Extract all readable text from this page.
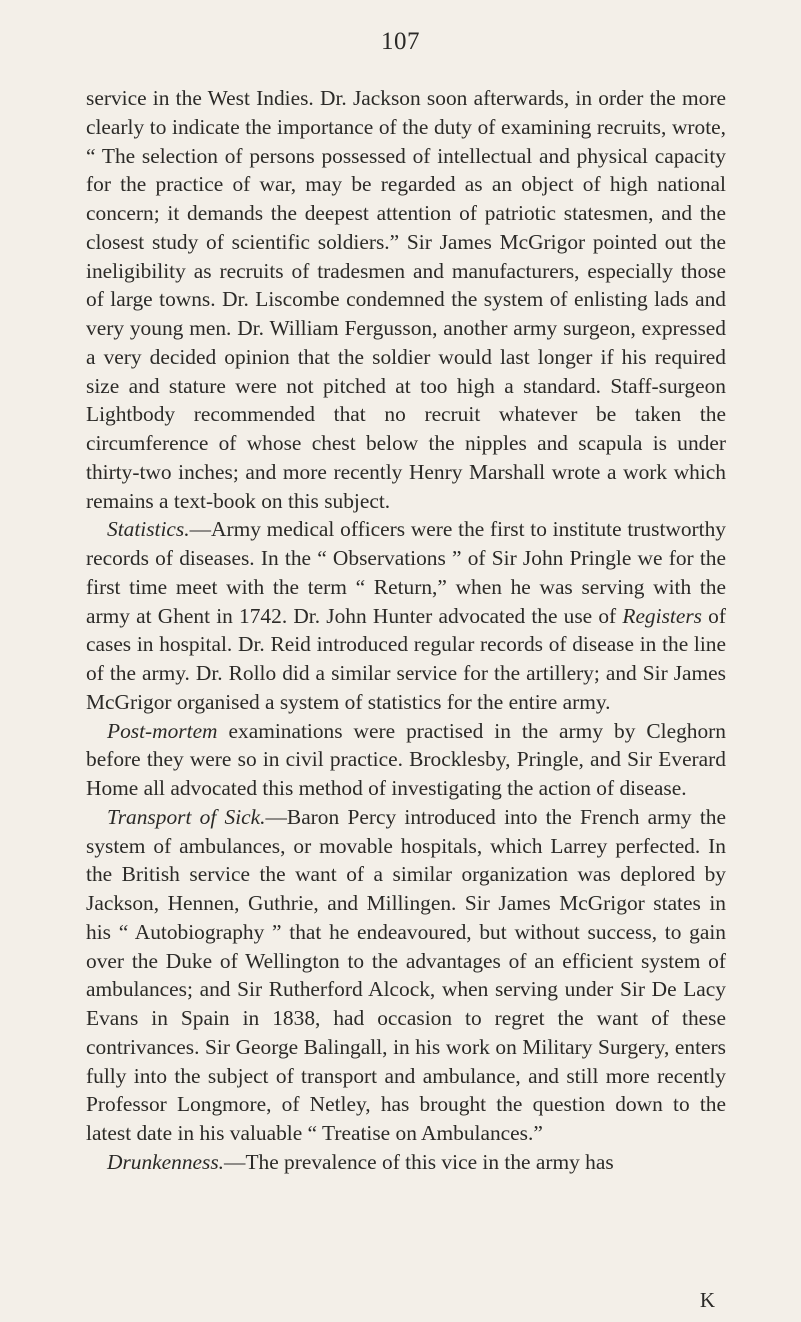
107

service in the West Indies. Dr. Jackson soon afterwards, in order the more clearly to indicate the importance of the duty of examining recruits, wrote, “ The selection of persons possessed of intellectual and physical capacity for the practice of war, may be regarded as an object of high national concern; it demands the deepest attention of patriotic statesmen, and the closest study of scientific soldiers.” Sir James McGrigor pointed out the ineligibility as recruits of tradesmen and manufacturers, especially those of large towns. Dr. Liscombe condemned the system of enlisting lads and very young men. Dr. William Fergusson, another army surgeon, expressed a very decided opinion that the soldier would last longer if his required size and stature were not pitched at too high a standard. Staff-surgeon Lightbody recommended that no recruit whatever be taken the circumference of whose chest below the nipples and scapula is under thirty-two inches; and more recently Henry Marshall wrote a work which remains a text-book on this subject.

Statistics.—Army medical officers were the first to institute trustworthy records of diseases. In the “ Observations ” of Sir John Pringle we for the first time meet with the term “ Return,” when he was serving with the army at Ghent in 1742. Dr. John Hunter advocated the use of Registers of cases in hospital. Dr. Reid introduced regular records of disease in the line of the army. Dr. Rollo did a similar service for the artillery; and Sir James McGrigor organised a system of statistics for the entire army.

Post-mortem examinations were practised in the army by Cleghorn before they were so in civil practice. Brocklesby, Pringle, and Sir Everard Home all advocated this method of investigating the action of disease.

Transport of Sick.—Baron Percy introduced into the French army the system of ambulances, or movable hospitals, which Larrey perfected. In the British service the want of a similar organization was deplored by Jackson, Hennen, Guthrie, and Millingen. Sir James McGrigor states in his “ Autobiography ” that he endeavoured, but without success, to gain over the Duke of Wellington to the advantages of an efficient system of ambulances; and Sir Rutherford Alcock, when serving under Sir De Lacy Evans in Spain in 1838, had occasion to regret the want of these contrivances. Sir George Balingall, in his work on Military Surgery, enters fully into the subject of transport and ambulance, and still more recently Professor Longmore, of Netley, has brought the question down to the latest date in his valuable “ Treatise on Ambulances.”

Drunkenness.—The prevalence of this vice in the army has

K
